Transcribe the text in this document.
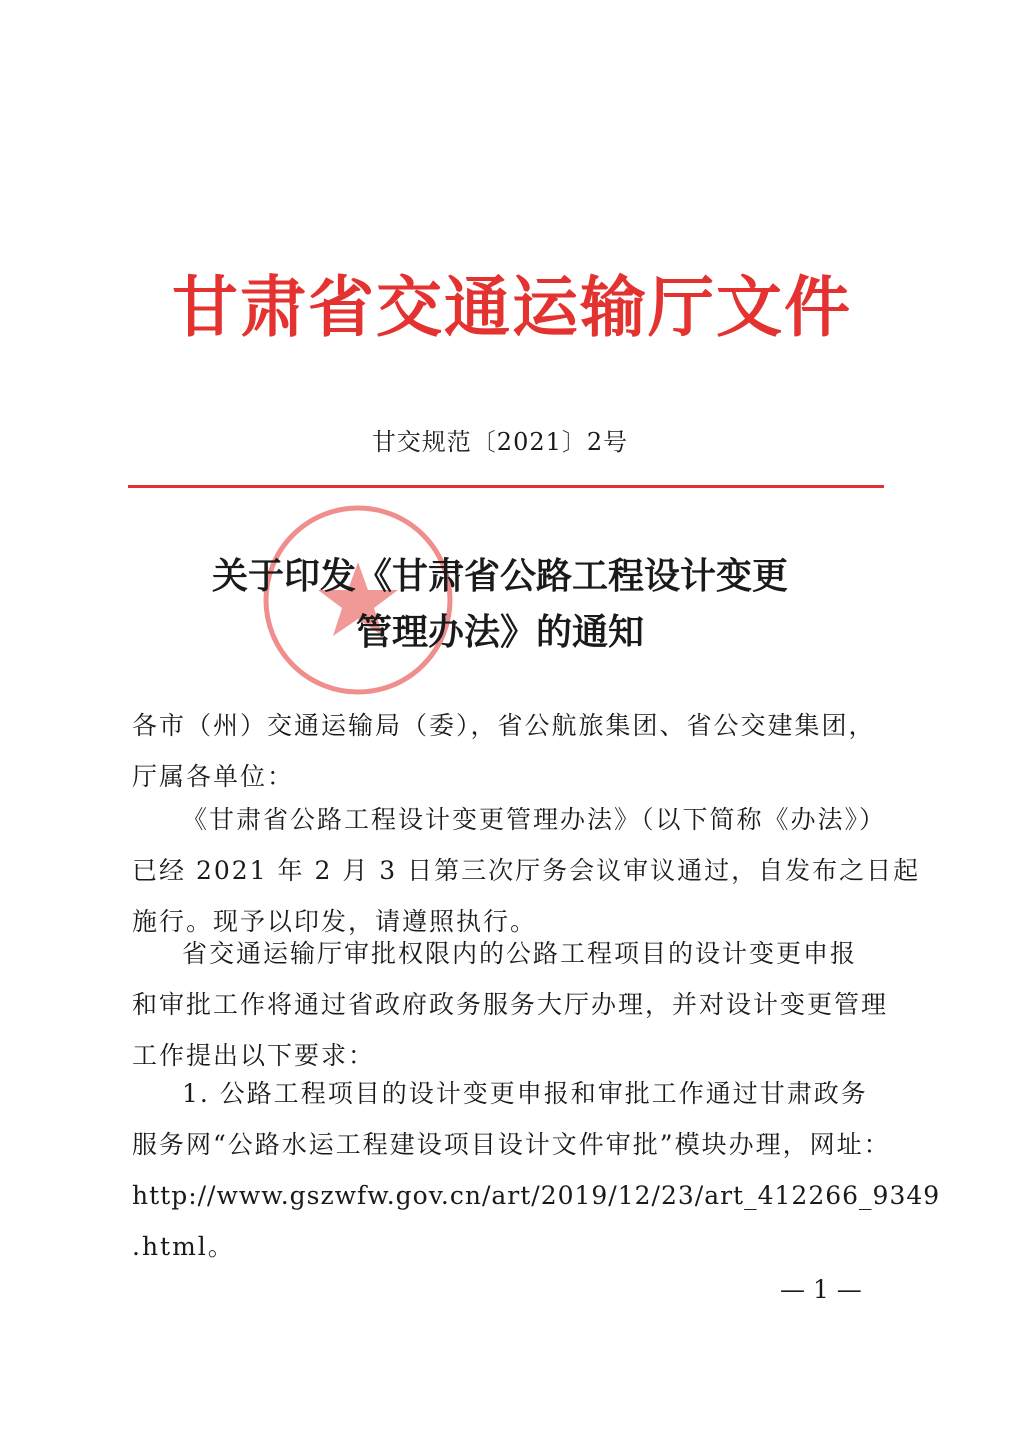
甘肃省交通运输厅文件
甘交规范〔2021〕2号
关于印发《甘肃省公路工程设计变更
管理办法》的通知
各市（州）交通运输局（委），省公航旅集团、省公交建集团，
厅属各单位：
《甘肃省公路工程设计变更管理办法》（以下简称《办法》）
已经 2021 年 2 月 3 日第三次厅务会议审议通过，自发布之日起
施行。现予以印发，请遵照执行。
省交通运输厅审批权限内的公路工程项目的设计变更申报
和审批工作将通过省政府政务服务大厅办理，并对设计变更管理
工作提出以下要求：
1. 公路工程项目的设计变更申报和审批工作通过甘肃政务
服务网“公路水运工程建设项目设计文件审批”模块办理，网址：
http://www.gszwfw.gov.cn/art/2019/12/23/art_412266_9349
.html。
— 1 —
